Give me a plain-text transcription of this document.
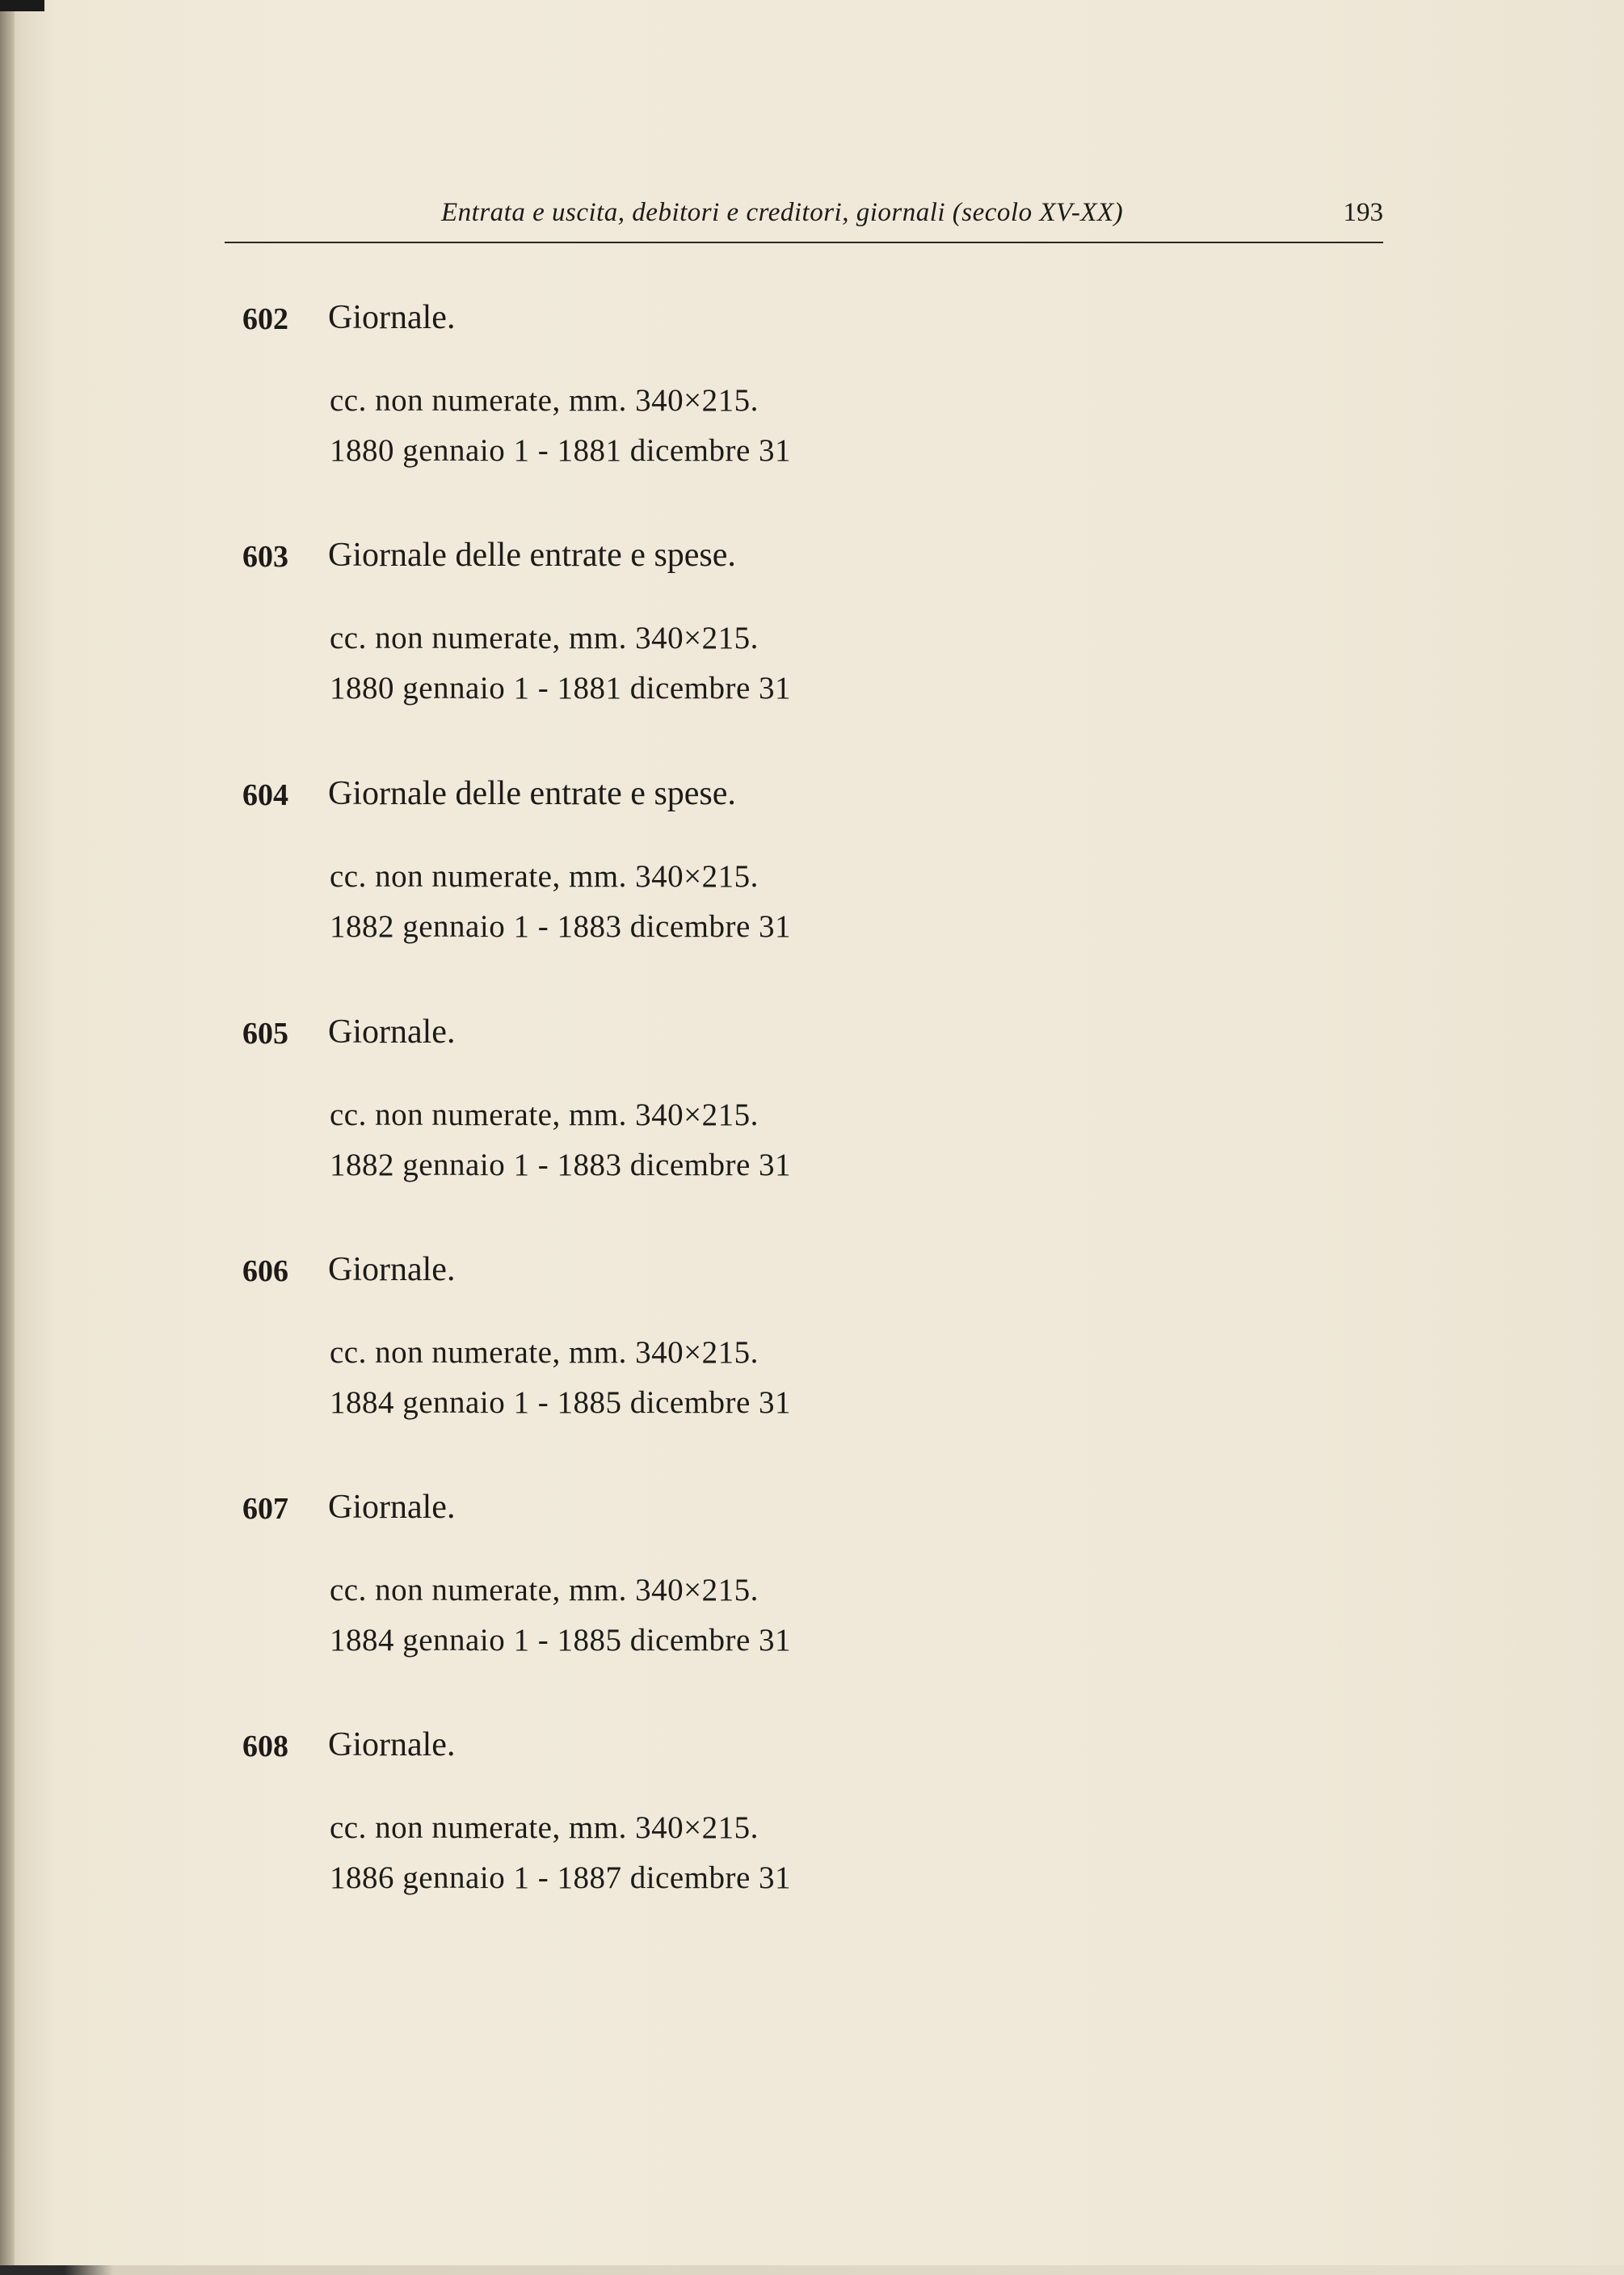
Entrata e uscita, debitori e creditori, giornali (secolo XV-XX)	193
602	Giornale.
cc. non numerate, mm. 340×215.
1880 gennaio 1 - 1881 dicembre 31
603	Giornale delle entrate e spese.
cc. non numerate, mm. 340×215.
1880 gennaio 1 - 1881 dicembre 31
604	Giornale delle entrate e spese.
cc. non numerate, mm. 340×215.
1882 gennaio 1 - 1883 dicembre 31
605	Giornale.
cc. non numerate, mm. 340×215.
1882 gennaio 1 - 1883 dicembre 31
606	Giornale.
cc. non numerate, mm. 340×215.
1884 gennaio 1 - 1885 dicembre 31
607	Giornale.
cc. non numerate, mm. 340×215.
1884 gennaio 1 - 1885 dicembre 31
608	Giornale.
cc. non numerate, mm. 340×215.
1886 gennaio 1 - 1887 dicembre 31
